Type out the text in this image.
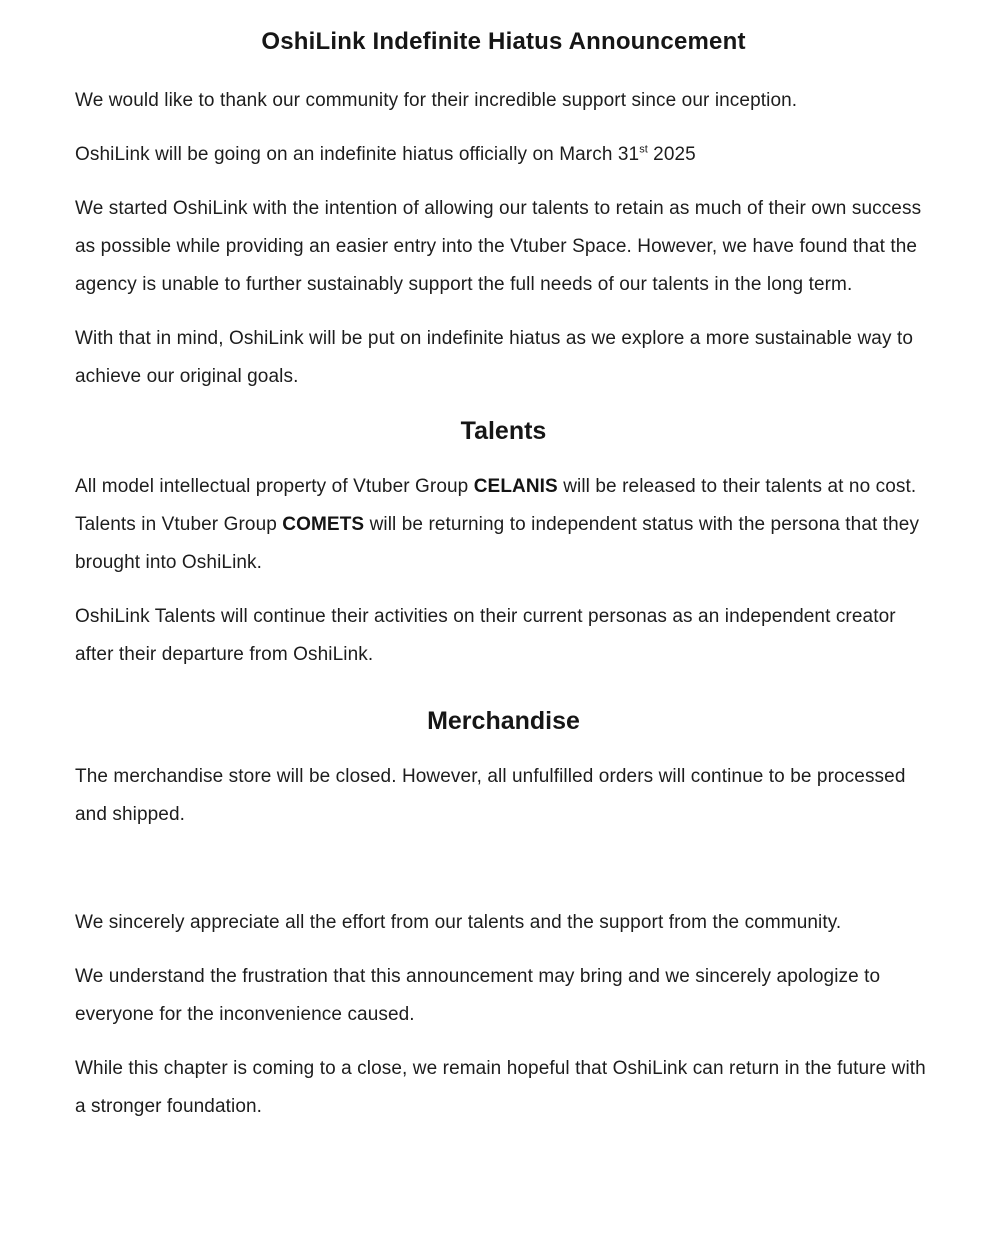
OshiLink Indefinite Hiatus Announcement

We would like to thank our community for their incredible support since our inception.

OshiLink will be going on an indefinite hiatus officially on March 31st 2025

We started OshiLink with the intention of allowing our talents to retain as much of their own success as possible while providing an easier entry into the Vtuber Space. However, we have found that the agency is unable to further sustainably support the full needs of our talents in the long term.

With that in mind, OshiLink will be put on indefinite hiatus as we explore a more sustainable way to achieve our original goals.

Talents

All model intellectual property of Vtuber Group CELANIS will be released to their talents at no cost. Talents in Vtuber Group COMETS will be returning to independent status with the persona that they brought into OshiLink.

OshiLink Talents will continue their activities on their current personas as an independent creator after their departure from OshiLink.

Merchandise

The merchandise store will be closed. However, all unfulfilled orders will continue to be processed and shipped.

We sincerely appreciate all the effort from our talents and the support from the community.

We understand the frustration that this announcement may bring and we sincerely apologize to everyone for the inconvenience caused.

While this chapter is coming to a close, we remain hopeful that OshiLink can return in the future with a stronger foundation.
